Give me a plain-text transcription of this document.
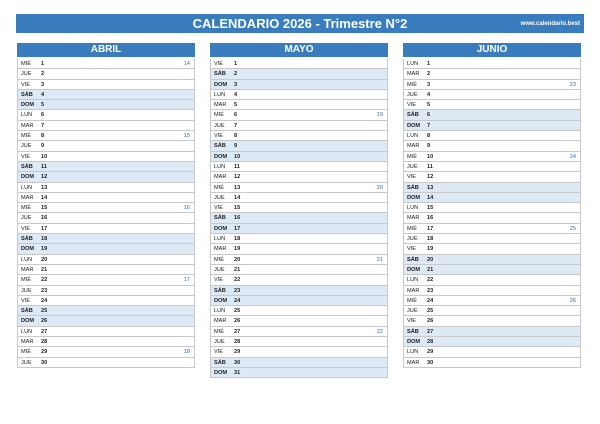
CALENDARIO 2026 - Trimestre N°2	www.calendario.best
ABRIL
MIÉ 1	14
JUE 2
VIE 3
SÁB 4
DOM 5
LUN 6
MAR 7
MIÉ 8	15
JUE 9
VIE 10
SÁB 11
DOM 12
LUN 13
MAR 14
MIÉ 15	16
JUE 16
VIE 17
SÁB 18
DOM 19
LUN 20
MAR 21
MIÉ 22	17
JUE 23
VIE 24
SÁB 25
DOM 26
LUN 27
MAR 28
MIÉ 29	18
JUE 30
MAYO
VIE 1
SÁB 2
DOM 3
LUN 4
MAR 5
MIÉ 6	19
JUE 7
VIE 8
SÁB 9
DOM 10
LUN 11
MAR 12
MIÉ 13	20
JUE 14
VIE 15
SÁB 16
DOM 17
LUN 18
MAR 19
MIÉ 20	21
JUE 21
VIE 22
SÁB 23
DOM 24
LUN 25
MAR 26
MIÉ 27	22
JUE 28
VIE 29
SÁB 30
DOM 31
JUNIO
LUN 1
MAR 2
MIÉ 3	23
JUE 4
VIE 5
SÁB 6
DOM 7
LUN 8
MAR 9
MIÉ 10	24
JUE 11
VIE 12
SÁB 13
DOM 14
LUN 15
MAR 16
MIÉ 17	25
JUE 18
VIE 19
SÁB 20
DOM 21
LUN 22
MAR 23
MIÉ 24	26
JUE 25
VIE 26
SÁB 27
DOM 28
LUN 29
MAR 30
